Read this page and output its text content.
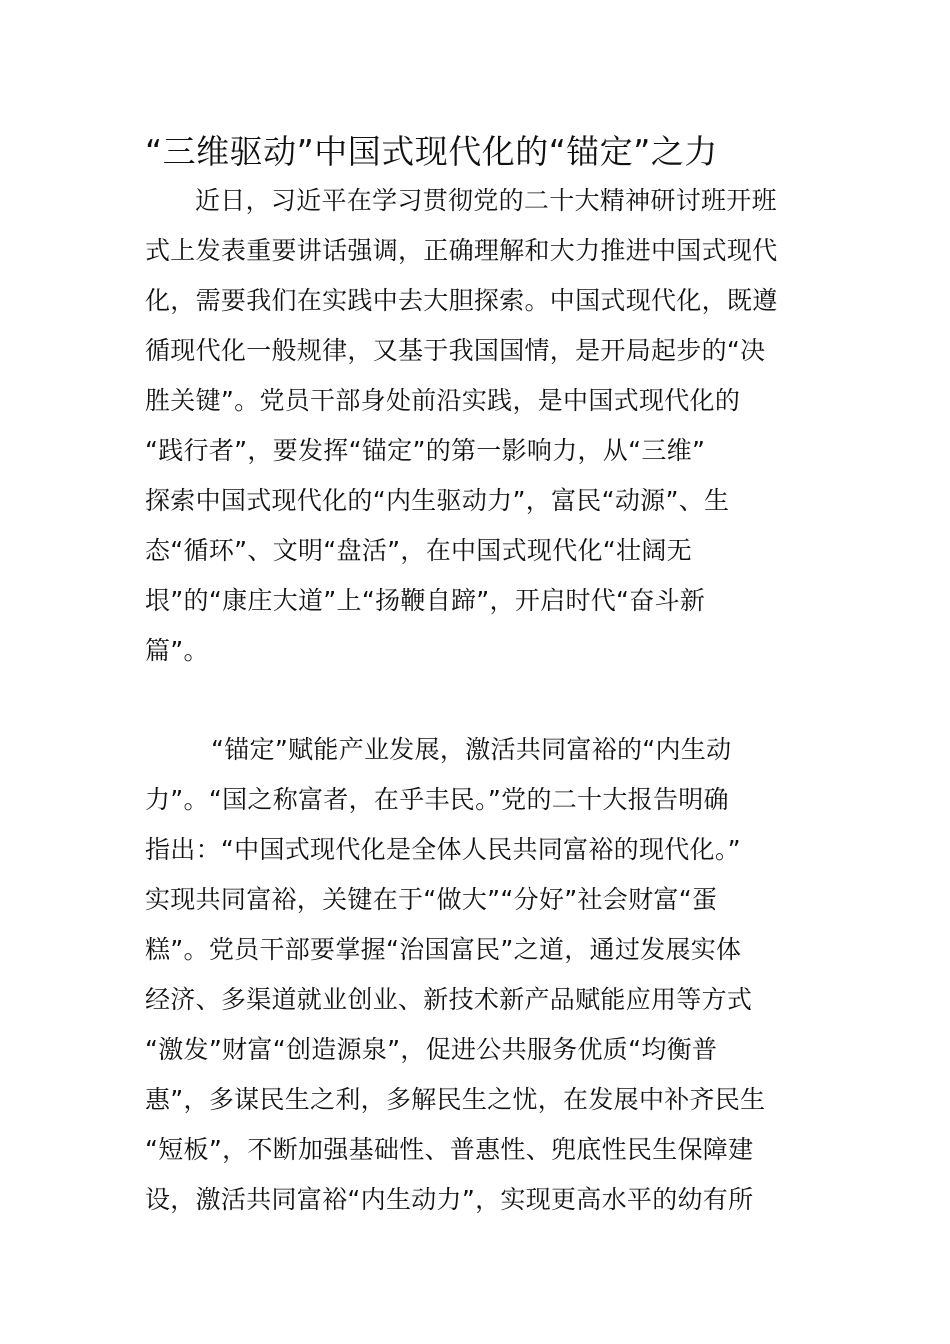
“三维驱动”中国式现代化的“锚定”之力
近日，习近平在学习贯彻党的二十大精神研讨班开班
式上发表重要讲话强调，正确理解和大力推进中国式现代
化，需要我们在实践中去大胆探索。中国式现代化，既遵
循现代化一般规律，又基于我国国情，是开局起步的“决
胜关键”。党员干部身处前沿实践，是中国式现代化的
“践行者”，要发挥“锚定”的第一影响力，从“三维”
探索中国式现代化的“内生驱动力”，富民“动源”、生
态“循环”、文明“盘活”，在中国式现代化“壮阔无
垠”的“康庄大道”上“扬鞭自蹄”，开启时代“奋斗新
篇”。
“锚定”赋能产业发展，激活共同富裕的“内生动
力”。“国之称富者，在乎丰民。”党的二十大报告明确
指出：“中国式现代化是全体人民共同富裕的现代化。”
实现共同富裕，关键在于“做大”“分好”社会财富“蛋
糕”。党员干部要掌握“治国富民”之道，通过发展实体
经济、多渠道就业创业、新技术新产品赋能应用等方式
“激发”财富“创造源泉”，促进公共服务优质“均衡普
惠”，多谋民生之利，多解民生之忧，在发展中补齐民生
“短板”，不断加强基础性、普惠性、兜底性民生保障建
设，激活共同富裕“内生动力”，实现更高水平的幼有所
